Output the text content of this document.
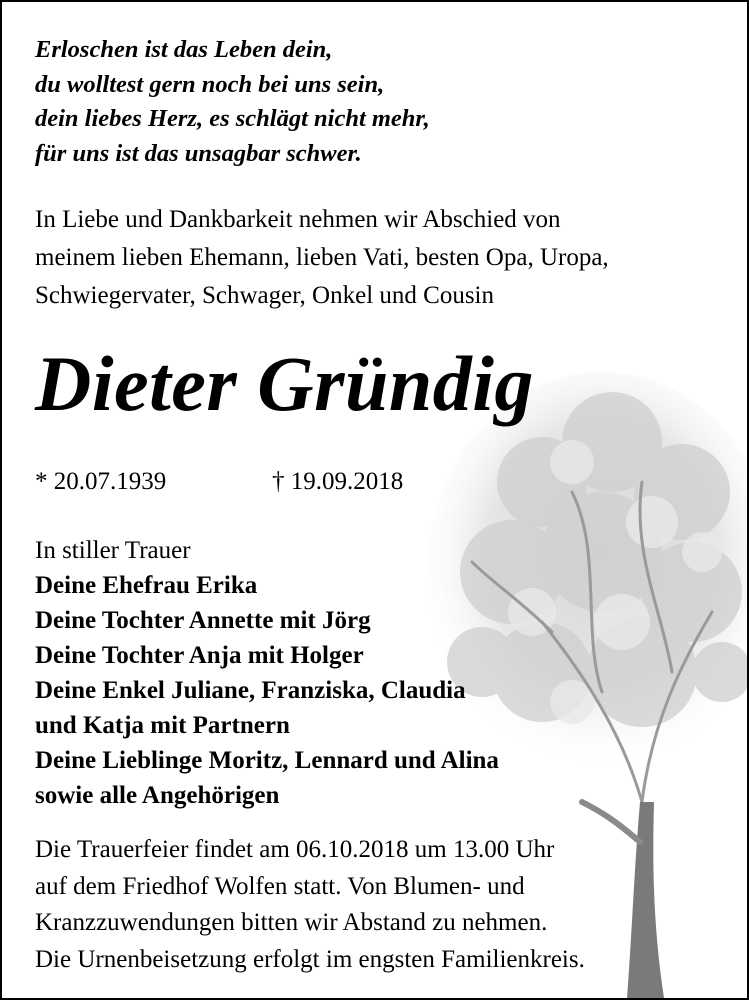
Erloschen ist das Leben dein,
du wolltest gern noch bei uns sein,
dein liebes Herz, es schlägt nicht mehr,
für uns ist das unsagbar schwer.
In Liebe und Dankbarkeit nehmen wir Abschied von
meinem lieben Ehemann, lieben Vati, besten Opa, Uropa,
Schwiegervater, Schwager, Onkel und Cousin
Dieter Gründig
* 20.07.1939	† 19.09.2018
In stiller Trauer
Deine Ehefrau Erika
Deine Tochter Annette mit Jörg
Deine Tochter Anja mit Holger
Deine Enkel Juliane, Franziska, Claudia
und Katja mit Partnern
Deine Lieblinge Moritz, Lennard und Alina
sowie alle Angehörigen
Die Trauerfeier findet am 06.10.2018 um 13.00 Uhr
auf dem Friedhof Wolfen statt. Von Blumen- und
Kranzzuwendungen bitten wir Abstand zu nehmen.
Die Urnenbeisetzung erfolgt im engsten Familienkreis.
